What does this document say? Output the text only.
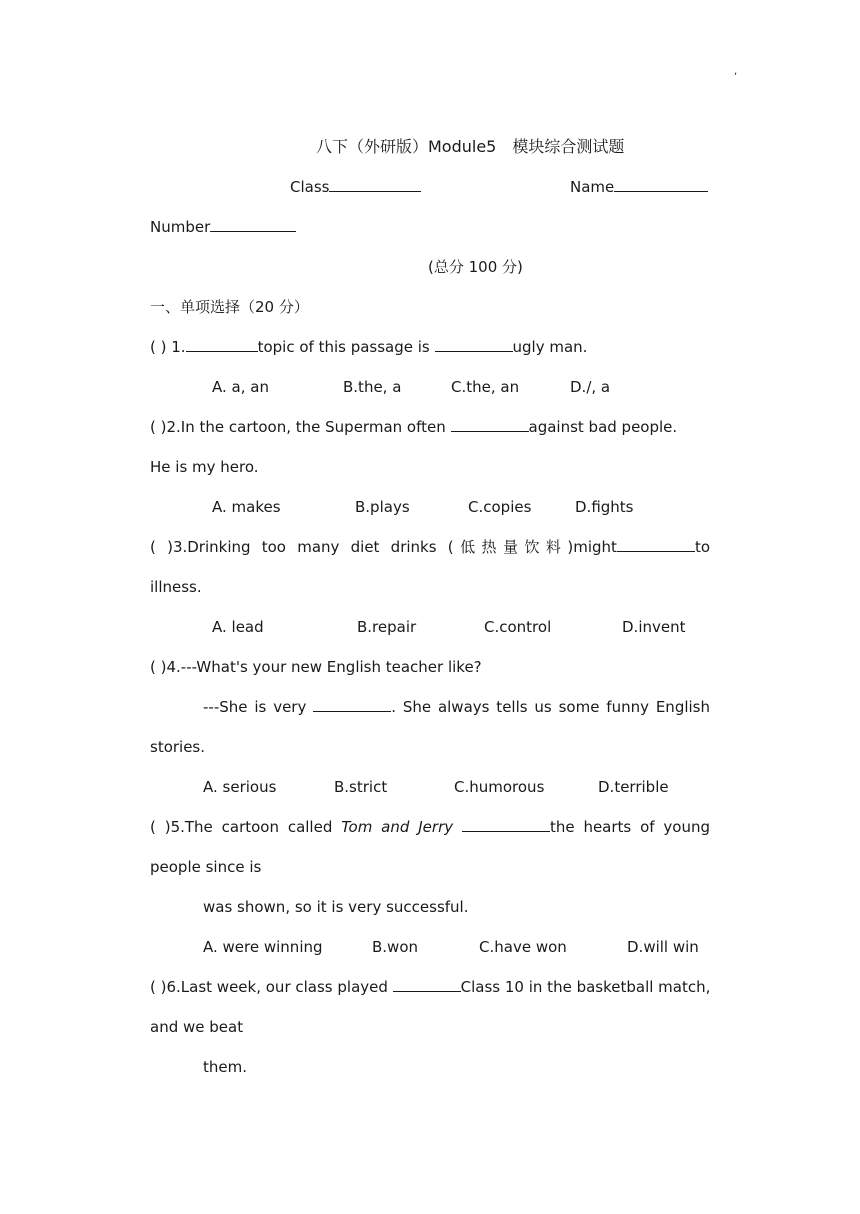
,
八下（外研版）Module5　模块综合测试题
Class	Name
Number
(总分 100 分)
一、单项选择（20 分）
( ) 1.	topic of this passage is	ugly man.
A. a, an	B.the, a	C.the, an	D./, a
( )2.In the cartoon, the Superman often	against bad people.
He is my hero.
A. makes	B.plays	C.copies	D.fights
( )3.Drinking too many diet drinks (低热量饮料)might	to
illness.
A. lead	B.repair	C.control	D.invent
( )4.---What's your new English teacher like?
---She is very	. She always tells us some funny English
stories.
A. serious	B.strict	C.humorous	D.terrible
( )5.The cartoon called Tom and Jerry	the hearts of young
people since is
was shown, so it is very successful.
A. were winning	B.won	C.have won	D.will win
( )6.Last week, our class played	Class 10 in the basketball match,
and we beat
them.
